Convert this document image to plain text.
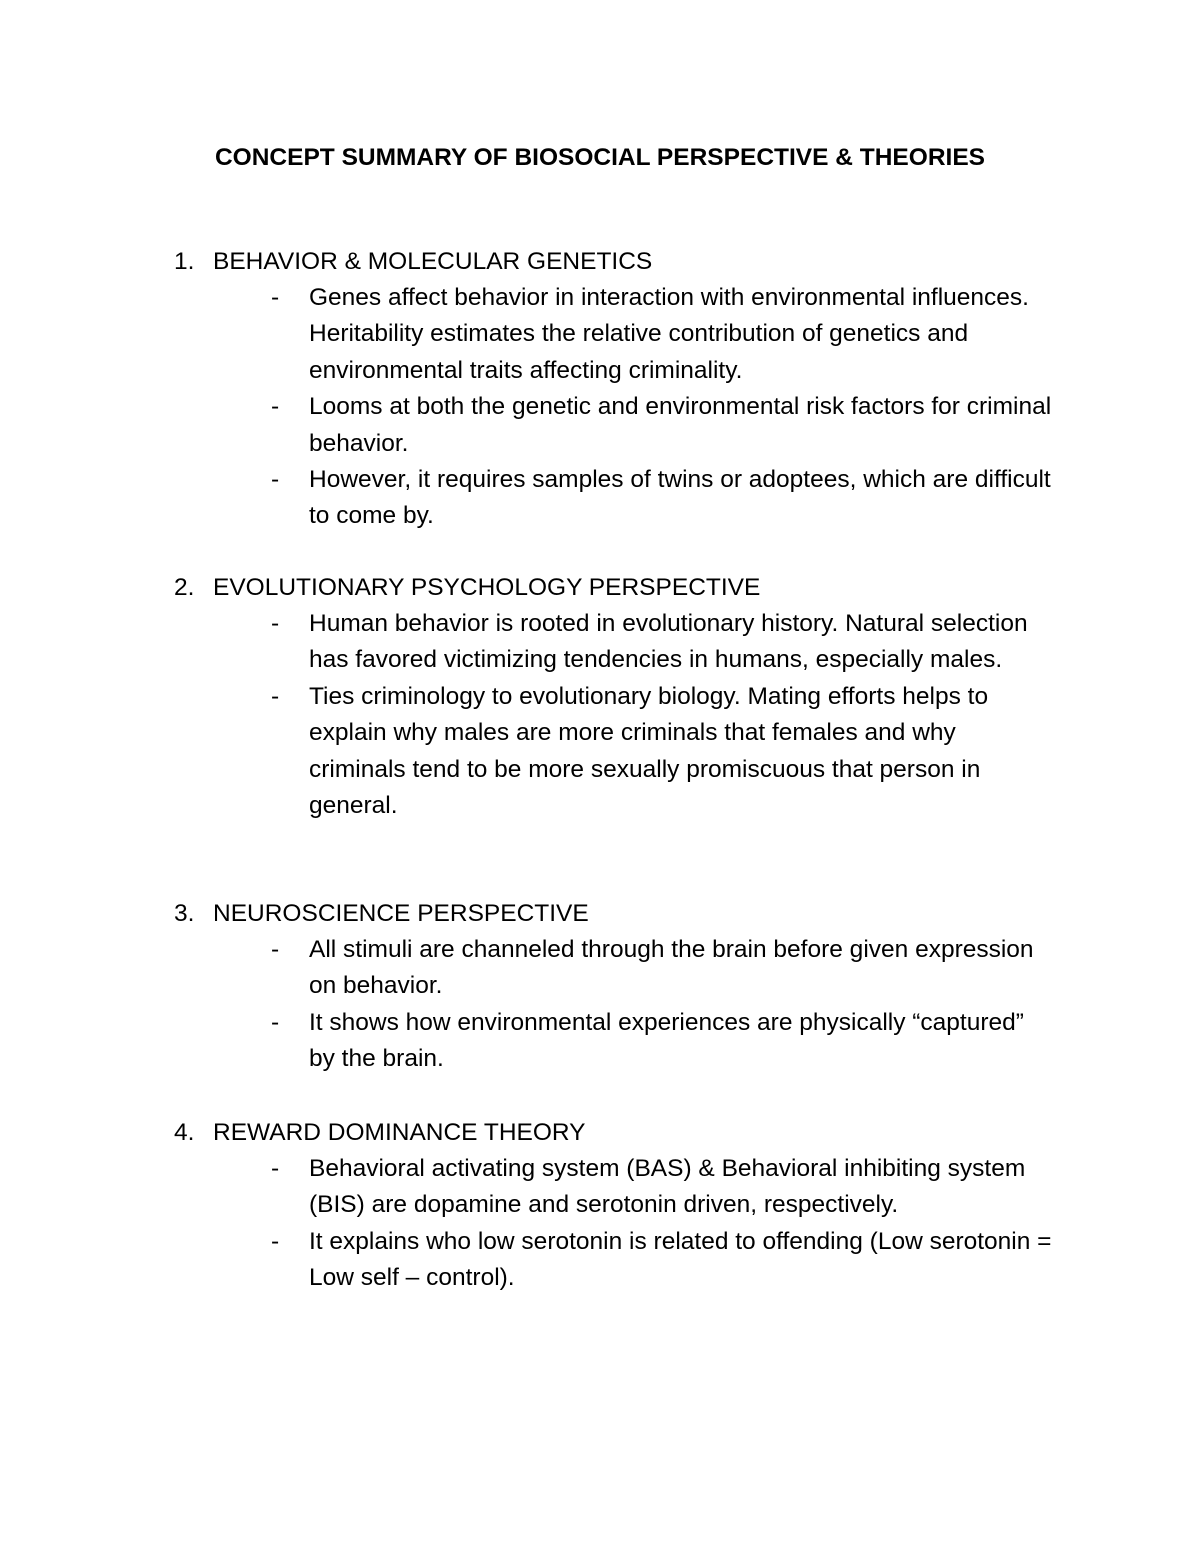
CONCEPT SUMMARY OF BIOSOCIAL PERSPECTIVE & THEORIES
1. BEHAVIOR & MOLECULAR GENETICS
- Genes affect behavior in interaction with environmental influences. Heritability estimates the relative contribution of genetics and environmental traits affecting criminality.
- Looms at both the genetic and environmental risk factors for criminal behavior.
- However, it requires samples of twins or adoptees, which are difficult to come by.
2. EVOLUTIONARY PSYCHOLOGY PERSPECTIVE
- Human behavior is rooted in evolutionary history. Natural selection has favored victimizing tendencies in humans, especially males.
- Ties criminology to evolutionary biology. Mating efforts helps to explain why males are more criminals that females and why criminals tend to be more sexually promiscuous that person in general.
3. NEUROSCIENCE PERSPECTIVE
- All stimuli are channeled through the brain before given expression on behavior.
- It shows how environmental experiences are physically “captured” by the brain.
4. REWARD DOMINANCE THEORY
- Behavioral activating system (BAS) & Behavioral inhibiting system (BIS) are dopamine and serotonin driven, respectively.
- It explains who low serotonin is related to offending (Low serotonin = Low self – control).
